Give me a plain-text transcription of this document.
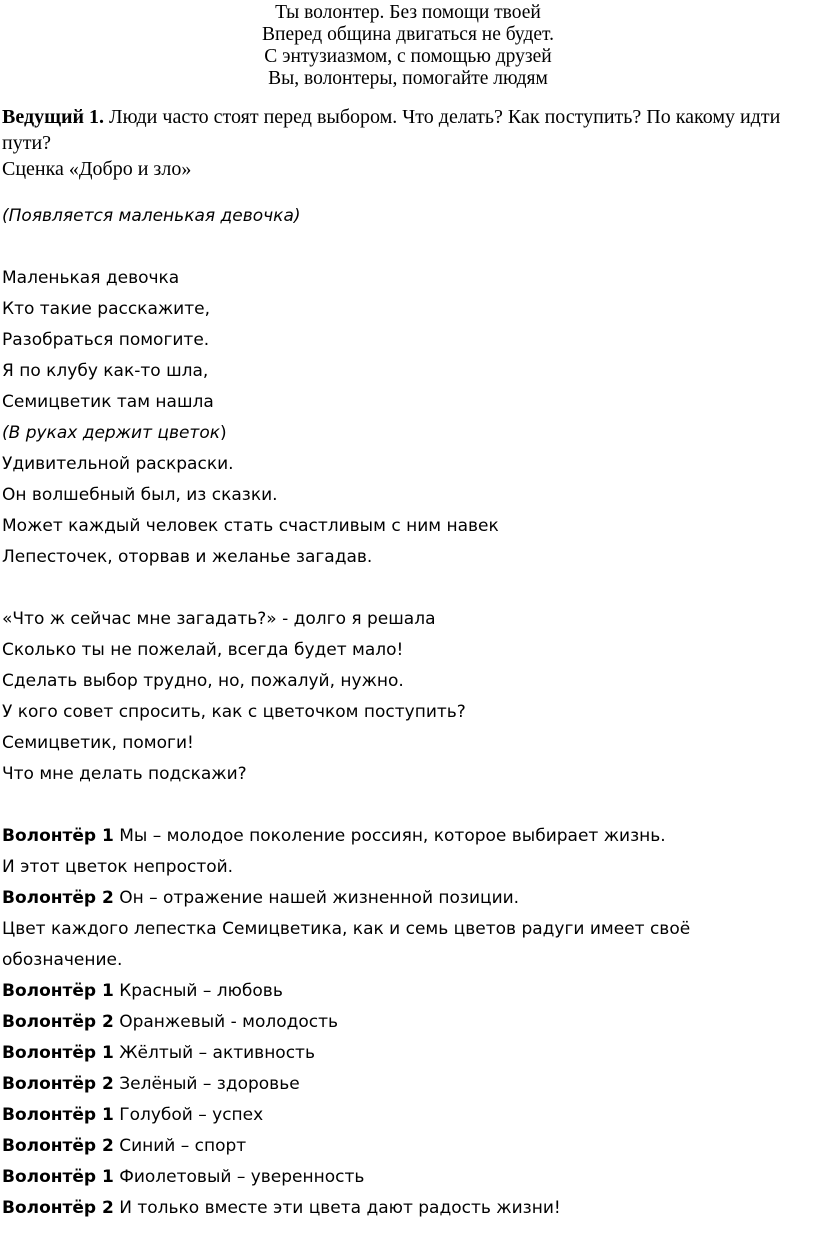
Ты волонтер. Без помощи твоей
Вперед община двигаться не будет.
С энтузиазмом, с помощью друзей
Вы, волонтеры, помогайте людям

Ведущий 1. Люди часто стоят перед выбором. Что делать? Как поступить? По какому идти пути?

Сценка «Добро и зло»

(Появляется маленькая девочка)
Маленькая девочка
Кто такие расскажите,
Разобраться помогите.
Я по клубу как-то шла,
Семицветик там нашла
(В руках держит цветок)
Удивительной раскраски.
Он волшебный был, из сказки.
Может каждый человек стать счастливым с ним навек
Лепесточек, оторвав и желанье загадав.
«Что ж сейчас мне загадать?» - долго я решала
Сколько ты не пожелай, всегда будет мало!
Сделать выбор трудно, но, пожалуй, нужно.
У кого совет спросить, как с цветочком поступить?
Семицветик, помоги!
Что мне делать подскажи?
Волонтёр 1 Мы – молодое поколение россиян, которое выбирает жизнь.
И этот цветок непростой.
Волонтёр 2 Он – отражение нашей жизненной позиции.
Цвет каждого лепестка Семицветика, как и семь цветов радуги имеет своё обозначение.
Волонтёр 1 Красный – любовь
Волонтёр 2 Оранжевый - молодость
Волонтёр 1 Жёлтый – активность
Волонтёр 2 Зелёный – здоровье
Волонтёр 1 Голубой – успех
Волонтёр 2 Синий – спорт
Волонтёр 1 Фиолетовый – уверенность
Волонтёр 2 И только вместе эти цвета дают радость жизни!
